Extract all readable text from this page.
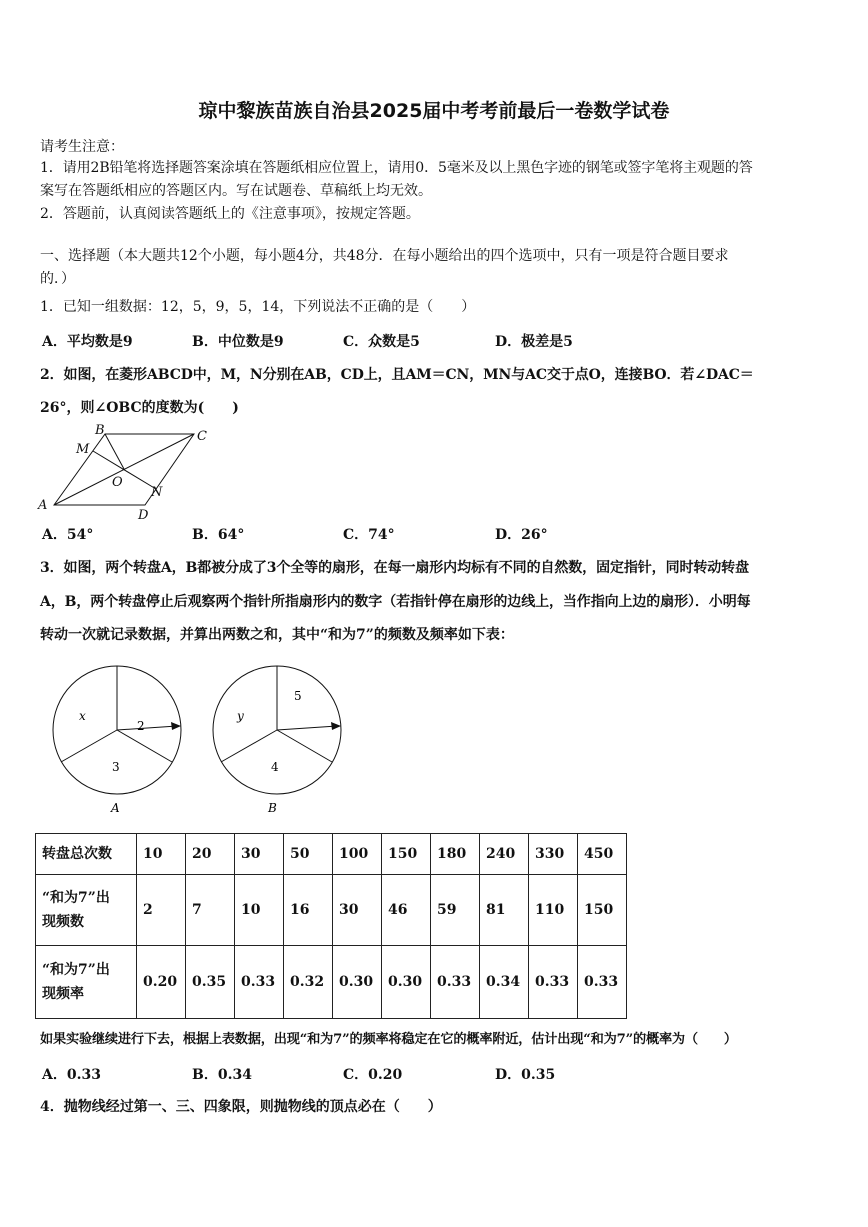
琼中黎族苗族自治县2025届中考考前最后一卷数学试卷
请考生注意：
1．请用2B铅笔将选择题答案涂填在答题纸相应位置上，请用0．5毫米及以上黑色字迹的钢笔或签字笔将主观题的答
案写在答题纸相应的答题区内。写在试题卷、草稿纸上均无效。
2．答题前，认真阅读答题纸上的《注意事项》，按规定答题。
一、选择题（本大题共12个小题，每小题4分，共48分．在每小题给出的四个选项中，只有一项是符合题目要求
的．）
1．已知一组数据：12，5，9，5，14，下列说法不正确的是（　　）
A．平均数是9	B．中位数是9	C．众数是5	D．极差是5
2．如图，在菱形ABCD中，M，N分别在AB，CD上，且AM＝CN，MN与AC交于点O，连接BO．若∠DAC＝
26°，则∠OBC的度数为(　　)
A
B	C
D
M
N
O
A．54°	B．64°	C．74°	D．26°
3．如图，两个转盘A，B都被分成了3个全等的扇形，在每一扇形内均标有不同的自然数，固定指针，同时转动转盘
A，B，两个转盘停止后观察两个指针所指扇形内的数字（若指针停在扇形的边线上，当作指向上边的扇形）．小明每
转动一次就记录数据，并算出两数之和，其中“和为7”的频数及频率如下表：
2
x
3
A
5
y
4
B
转盘总次数	10	20	30	50	100	150	180	240	330	450
“和为7”出
现频数	2	7	10	16	30	46	59	81	110	150
“和为7”出
现频率	0.20	0.35	0.33	0.32	0.30	0.30	0.33	0.34	0.33	0.33
如果实验继续进行下去，根据上表数据，出现“和为7”的频率将稳定在它的概率附近，估计出现“和为7”的概率为（　　）
A．0.33	B．0.34	C．0.20	D．0.35
4．抛物线经过第一、三、四象限，则抛物线的顶点必在（　　）
